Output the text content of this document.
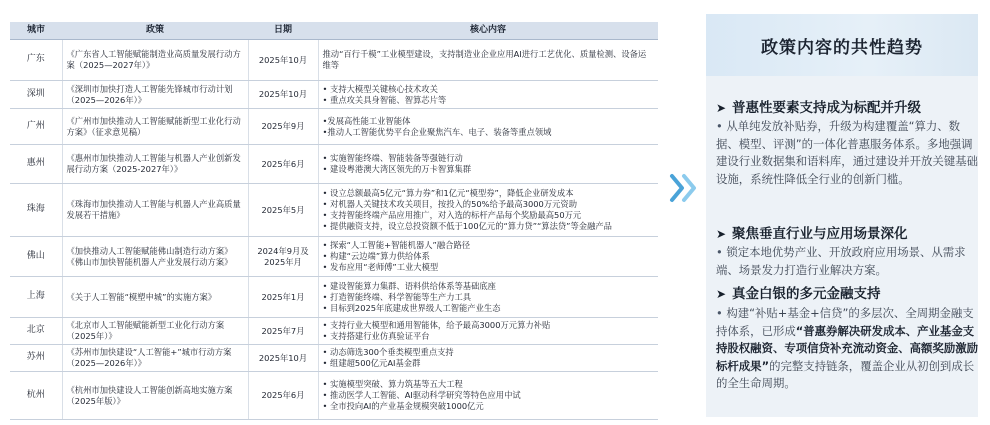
城市	政策	日期	核心内容
广东	《广东省人工智能赋能制造业高质量发展行动方案（2025—2027年）》	2025年10月	推动“百行千模”工业模型建设，支持制造业企业应用AI进行工艺优化、质量检测、设备运维等

深圳	《深圳市加快打造人工智能先锋城市行动计划（2025—2026年）》	2025年10月	• 支持大模型关键核心技术攻关
• 重点攻关具身智能、智算芯片等

广州	《广州市加快推动人工智能赋能新型工业化行动方案》（征求意见稿）	2025年9月	•发展高性能工业智能体
•推动人工智能优势平台企业聚焦汽车、电子、装备等重点领域

惠州	《惠州市加快推动人工智能与机器人产业创新发展行动方案（2025-2027年）》	2025年6月	• 实施智能终端、智能装备等强链行动
• 建设粤港澳大湾区领先的万卡智算集群

珠海	《珠海市加快推动人工智能与机器人产业高质量发展若干措施》	2025年5月	• 设立总额最高5亿元“算力券”和1亿元“模型券”，降低企业研发成本
• 对机器人关键技术攻关项目，按投入的50%给予最高3000万元资助
• 支持智能终端产品应用推广，对入选的标杆产品每个奖励最高50万元
• 提供融资支持，设立总投资额不低于100亿元的“算力贷”“算法贷”等金融产品

佛山	《加快推动人工智能赋能佛山制造行动方案》《佛山市加快智能机器人产业发展行动方案》	2024年9月及2025年月	• 探索“人工智能+智能机器人”融合路径
• 构建“云边端”算力供给体系
• 发布应用“老师傅”工业大模型

上海	《关于人工智能“模塑申城”的实施方案》	2025年1月	• 建设智能算力集群、语料供给体系等基础底座
• 打造智能终端、科学智能等生产力工具
• 目标到2025年底建成世界级人工智能产业生态

北京	《北京市人工智能赋能新型工业化行动方案（2025年）》	2025年7月	• 支持行业大模型和通用智能体，给予最高3000万元算力补贴
• 支持搭建行业仿真验证平台

苏州	《苏州市加快建设“人工智能+”城市行动方案（2025—2026年）》	2025年10月	• 动态筛选300个垂类模型重点支持
• 组建超500亿元AI基金群

杭州	《杭州市加快建设人工智能创新高地实施方案（2025年版）》	2025年6月	• 实施模型突破、算力筑基等五大工程
• 推动医学人工智能、AI驱动科学研究等特色应用中试
• 全市投向AI的产业基金规模突破1000亿元
政策内容的共性趋势
➤ 普惠性要素支持成为标配并升级
• 从单纯发放补贴券，升级为构建覆盖“算力、数据、模型、评测”的一体化普惠服务体系。多地强调建设行业数据集和语料库，通过建设并开放关键基础设施，系统性降低全行业的创新门槛。
➤ 聚焦垂直行业与应用场景深化
• 锁定本地优势产业、开放政府应用场景、从需求端、场景发力打造行业解决方案。
➤ 真金白银的多元金融支持
• 构建“补贴+基金+信贷”的多层次、全周期金融支持体系，已形成“普惠券解决研发成本、产业基金支持股权融资、专项信贷补充流动资金、高额奖励激励标杆成果”的完整支持链条，覆盖企业从初创到成长的全生命周期。
